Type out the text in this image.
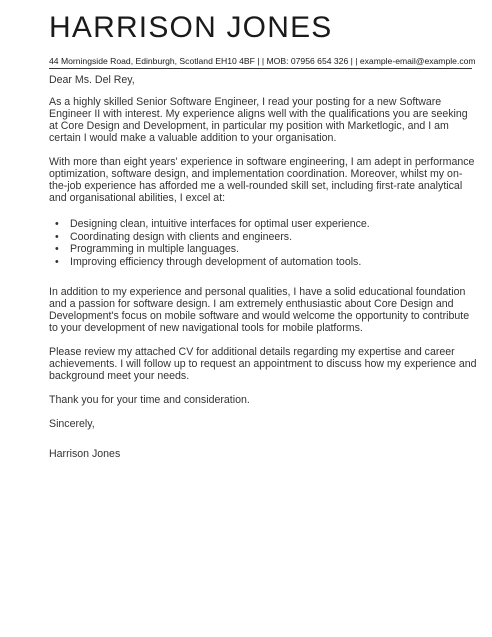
HARRISON JONES
44 Morningside Road, Edinburgh, Scotland EH10 4BF | | MOB: 07956 654 326 | | example-email@example.com

Dear Ms. Del Rey,

As a highly skilled Senior Software Engineer, I read your posting for a new Software Engineer II with interest. My experience aligns well with the qualifications you are seeking at Core Design and Development, in particular my position with Marketlogic, and I am certain I would make a valuable addition to your organisation.

With more than eight years' experience in software engineering, I am adept in performance optimization, software design, and implementation coordination. Moreover, whilst my on-the-job experience has afforded me a well-rounded skill set, including first-rate analytical and organisational abilities, I excel at:

• Designing clean, intuitive interfaces for optimal user experience.
• Coordinating design with clients and engineers.
• Programming in multiple languages.
• Improving efficiency through development of automation tools.

In addition to my experience and personal qualities, I have a solid educational foundation and a passion for software design. I am extremely enthusiastic about Core Design and Development's focus on mobile software and would welcome the opportunity to contribute to your development of new navigational tools for mobile platforms.

Please review my attached CV for additional details regarding my expertise and career achievements. I will follow up to request an appointment to discuss how my experience and background meet your needs.

Thank you for your time and consideration.

Sincerely,

Harrison Jones
